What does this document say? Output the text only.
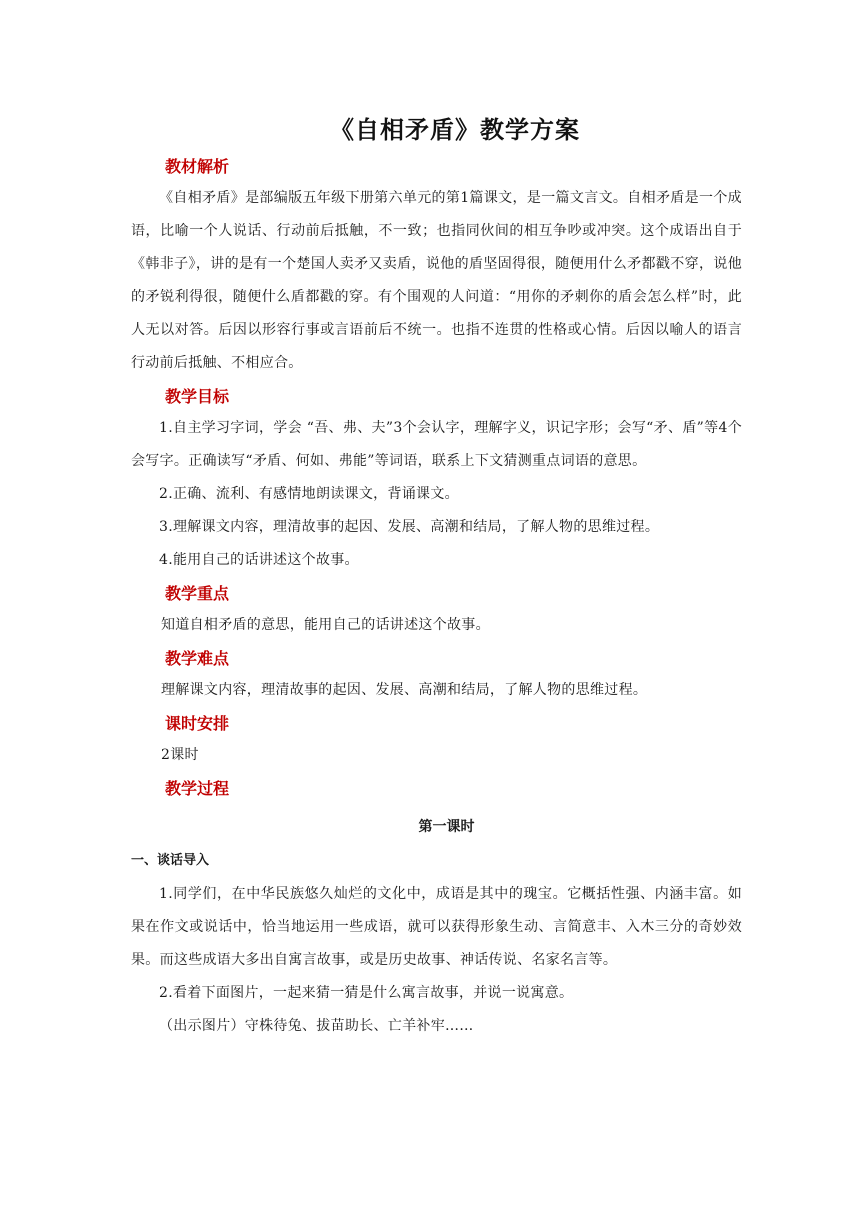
《自相矛盾》教学方案
教材解析

《自相矛盾》是部编版五年级下册第六单元的第1篇课文，是一篇文言文。自相矛盾是一个成语，比喻一个人说话、行动前后抵触，不一致；也指同伙间的相互争吵或冲突。这个成语出自于《韩非子》，讲的是有一个楚国人卖矛又卖盾，说他的盾坚固得很，随便用什么矛都戳不穿，说他的矛锐利得很，随便什么盾都戳的穿。有个围观的人问道：“用你的矛刺你的盾会怎么样”时，此人无以对答。后因以形容行事或言语前后不统一。也指不连贯的性格或心情。后因以喻人的语言行动前后抵触、不相应合。

教学目标

1.自主学习字词，学会 “吾、弗、夫”3个会认字，理解字义，识记字形；会写“矛、盾”等4个会写字。正确读写“矛盾、何如、弗能”等词语，联系上下文猜测重点词语的意思。

2.正确、流利、有感情地朗读课文，背诵课文。

3.理解课文内容，理清故事的起因、发展、高潮和结局，了解人物的思维过程。

4.能用自己的话讲述这个故事。

教学重点

知道自相矛盾的意思，能用自己的话讲述这个故事。

教学难点

理解课文内容，理清故事的起因、发展、高潮和结局，了解人物的思维过程。

课时安排

2课时

教学过程
第一课时
一、谈话导入

1.同学们，在中华民族悠久灿烂的文化中，成语是其中的瑰宝。它概括性强、内涵丰富。如果在作文或说话中，恰当地运用一些成语，就可以获得形象生动、言简意丰、入木三分的奇妙效果。而这些成语大多出自寓言故事，或是历史故事、神话传说、名家名言等。

2.看着下面图片，一起来猜一猜是什么寓言故事，并说一说寓意。

（出示图片）守株待兔、拔苗助长、亡羊补牢……
